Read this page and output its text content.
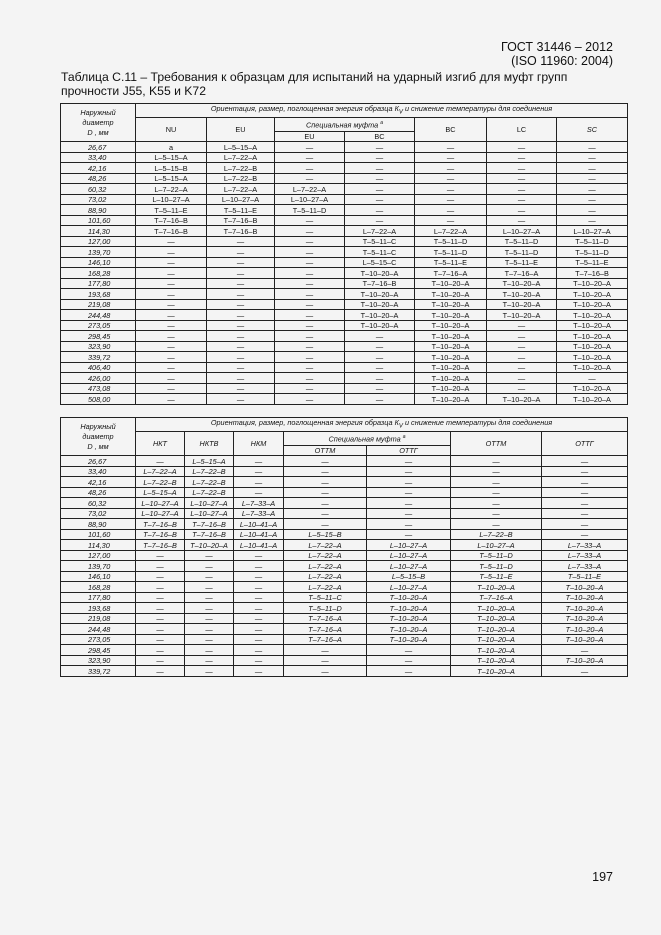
ГОСТ 31446 – 2012
(ISO 11960: 2004)
Таблица С.11 – Требования к образцам для испытаний на ударный изгиб для муфт групп прочности J55, K55 и K72
Наружный
диаметр
D , мм	Ориентация, размер, поглощенная энергия образца $К_V$ и снижение температуры для соединения						
	NU	EU	Специальная муфта $^a$		BC	LC	SC
			EU	BC			
26,67	a	L–5–15–A	—	—	—	—	—
33,40	L–5–15–A	L–7–22–A	—	—	—	—	—
42,16	L–5–15–B	L–7–22–B	—	—	—	—	—
48,26	L–5–15–A	L–7–22–B	—	—	—	—	—
60,32	L–7–22–A	L–7–22–A	L–7–22–A	—	—	—	—
73,02	L–10–27–A	L–10–27–A	L–10–27–A	—	—	—	—
88,90	T–5–11–E	T–5–11–E	T–5–11–D	—	—	—	—
101,60	T–7–16–B	T–7–16–B	—	—	—	—	—
114,30	T–7–16–B	T–7–16–B	—	L–7–22–A	L–7–22–A	L–10–27–A	L–10–27–A
127,00	—	—	—	T–5–11–C	T–5–11–D	T–5–11–D	T–5–11–D
139,70	—	—	—	T–5–11–C	T–5–11–D	T–5–11–D	T–5–11–D
146,10	—	—	—	L–5–15–C	T–5–11–E	T–5–11–E	T–5–11–E
168,28	—	—	—	T–10–20–A	T–7–16–A	T–7–16–A	T–7–16–B
177,80	—	—	—	T–7–16–B	T–10–20–A	T–10–20–A	T–10–20–A
193,68	—	—	—	T–10–20–A	T–10–20–A	T–10–20–A	T–10–20–A
219,08	—	—	—	T–10–20–A	T–10–20–A	T–10–20–A	T–10–20–A
244,48	—	—	—	T–10–20–A	T–10–20–A	T–10–20–A	T–10–20–A
273,05	—	—	—	T–10–20–A	T–10–20–A	—	T–10–20–A
298,45	—	—	—	—	T–10–20–A	—	T–10–20–A
323,90	—	—	—	—	T–10–20–A	—	T–10–20–A
339,72	—	—	—	—	T–10–20–A	—	T–10–20–A
406,40	—	—	—	—	T–10–20–A	—	T–10–20–A
426,00	—	—	—	—	T–10–20–A	—	—
473,08	—	—	—	—	T–10–20–A	—	T–10–20–A
508,00	—	—	—	—	T–10–20–A	T–10–20–A	T–10–20–A
Наружный
диаметр
D , мм	Ориентация, размер, поглощенная энергия образца $К_V$ и снижение температуры для соединения						
	НКТ	НКТВ	НКМ	Специальная муфта $^a$		ОТТМ	ОТТГ
				ОТТМ	ОТТГ		
26,67	—	L–5–15–A	—	—	—	—	—
33,40	L–7–22–A	L–7–22–B	—	—	—	—	—
42,16	L–7–22–B	L–7–22–B	—	—	—	—	—
48,26	L–5–15–A	L–7–22–B	—	—	—	—	—
60,32	L–10–27–A	L–10–27–A	L–7–33–A	—	—	—	—
73,02	L–10–27–A	L–10–27–A	L–7–33–A	—	—	—	—
88,90	T–7–16–B	T–7–16–B	L–10–41–A	—	—	—	—
101,60	T–7–16–B	T–7–16–B	L–10–41–A	L–5–15–B	—	L–7–22–B	—
114,30	T–7–16–B	T–10–20–A	L–10–41–A	L–7–22–A	L–10–27–A	L–10–27–A	L–7–33–A
127,00	—	—	—	L–7–22–A	L–10–27–A	T–5–11–D	L–7–33–A
139,70	—	—	—	L–7–22–A	L–10–27–A	T–5–11–D	L–7–33–A
146,10	—	—	—	L–7–22–A	L–5–15–B	T–5–11–E	T–5–11–E
168,28	—	—	—	L–7–22–A	L–10–27–A	T–10–20–A	T–10–20–A
177,80	—	—	—	T–5–11–C	T–10–20–A	T–7–16–A	T–10–20–A
193,68	—	—	—	T–5–11–D	T–10–20–A	T–10–20–A	T–10–20–A
219,08	—	—	—	T–7–16–A	T–10–20–A	T–10–20–A	T–10–20–A
244,48	—	—	—	T–7–16–A	T–10–20–A	T–10–20–A	T–10–20–A
273,05	—	—	—	T–7–16–A	T–10–20–A	T–10–20–A	T–10–20–A
298,45	—	—	—	—	—	T–10–20–A	—
323,90	—	—	—	—	—	T–10–20–A	T–10–20–A
339,72	—	—	—	—	—	T–10–20–A	—
197
